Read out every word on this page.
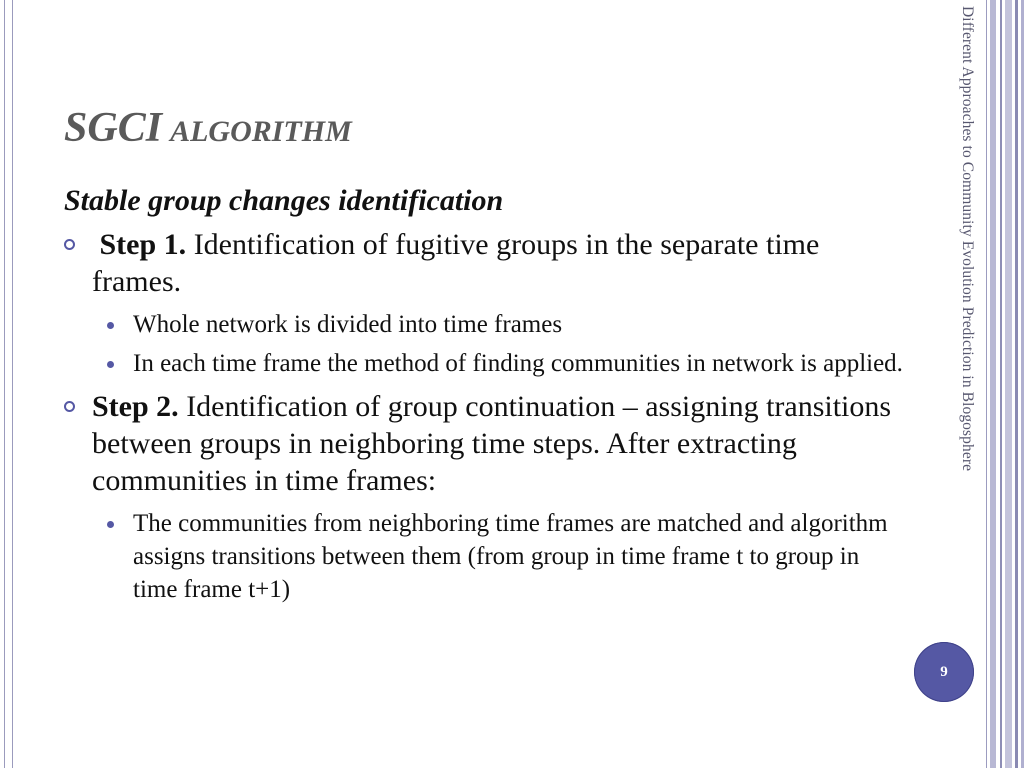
Different Approaches to Community Evolution Prediction in Blogosphere
9
SGCI ALGORITHM

Stable group changes identification

Step 1. Identification of fugitive groups in the separate time frames.

Whole network is divided into time frames

In each time frame the method of finding communities in network is applied.

Step 2. Identification of group continuation – assigning transitions between groups in neighboring time steps. After extracting communities in time frames:

The communities from neighboring time frames are matched and algorithm assigns transitions between them (from group in time frame t to group in time frame t+1)
